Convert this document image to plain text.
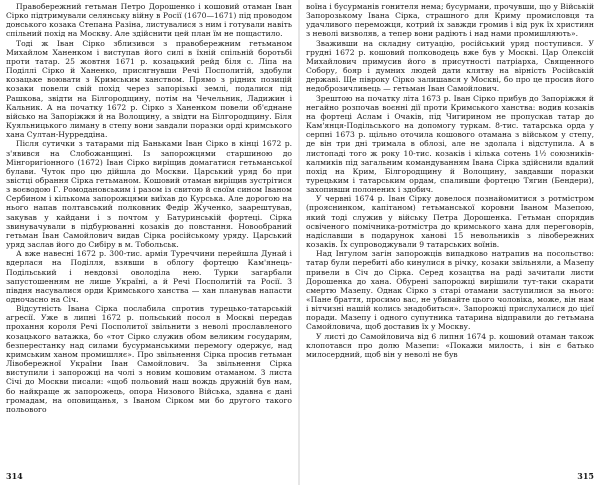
Правобережний гетьман Петро Дорошенко і кошовий отаман Іван Сірко підтримували селянську війну в Росії (1670—1671) під проводом донського козака Степана Разіна, листувалися з ним і готували навіть спільний похід на Москву. Але здійснити цей план їм не пощастило.

Тоді ж Іван Сірко зблизився з правобережним гетьманом Михайлом Ханенком і виступав його силі в їхній спільній боротьбі проти татар. 25 жовтня 1671 р. козацький рейд біля с. Ліпа на Поділлі Сірко й Ханенко, присягнувши Речі Посполитій, здобули козацьке воювати з Кримським ханством. Прямо з рідних позицій козаки повели свій похід через запорізькі землі, подалися під Рашкова, звідти на Білгородщину, потім на Чечельник, Ладижин і Кальник. А на початку 1672 р. Сірко з Ханенком повели об'єднане військо на Запоріжжя й на Волощину, а звідти на Білгородщину. Біля Куяльницького лиману в степу вони завдали поразки орді кримського хана Султан-Нурреддіна.

Після сутички з татарами під Баньками Іван Сірко в кінці 1672 р. з'явився на Слобожанщині. Із запорожцями старшиною до Мінгоригіонного (1672) Іван Сірко виріщив домагатися гетьманської булави. Чуток про цю дійшла до Москви. Царський уряд бо при звістці обрання Сірка гетьманом. Кошовий отаман виріщив зустрітися з воєводою Г. Ромодановським і разом із свитою й своїм сином Іваном Сербином і кількома запорожцями виїхав до Курська. Але дорогою на нього напав полтавський полковник Федір Жученко, заарештував, закував у кайдани і з почтом у Батуринській фортеці. Сірка звинувачували в підбурюванні козаків до повстання. Новообраний гетьман Іван Самойлович видав Сірка російському уряду. Царський уряд заслав його до Сибіру в м. Тобольськ.

А вже навесні 1672 р. 300-тис. армія Туреччини перейшла Дунай і вдерлася на Поділля, взявши в облогу фортецю Кам'янець-Подільський і невдовзі оволоділа нею. Турки загарбали запустошенням не лише Україні, а й Речі Посполитій та Росії. З півдня насувалися орди Кримського ханства — хан планував напасти одночасно на Січ.

Відсутність Івана Сірка послабила спротив турецько-татарській агресії. Уже в липні 1672 р. польський посол в Москві передав прохання короля Речі Посполитої звільнити з неволі прославленого козацького ватажка, бо «тот Сірко служив обом великим государям, безперестанку над силами бусурманськими перемогу одержує, над кримським ханом промишляє». Про звільнення Сірка просив гетьман Лівобережної України Іван Самойлович. За звільнення Сірка виступили і запорожці на чолі з новим кошовим отаманом. З листа Січі до Москви писали: «щоб польовий наш вождь дружній був нам, бо найкраще ж запорожець, опора Низового Війська, здавна є дані громадам, на оповищанья, з Іваном Сірком ми бо другого такого польового

314

воїна і бусурманів гонителя нема; бусурмани, прочувши, що у Війській Запорозькому Івана Сірка, страшного для Криму промисловця та удачливого переможця, котрий іх завжди громив і від рук їх християн з неволі визволяв, а тепер вони радіють і над нами промишляють».

Зваживши на складну ситуацію, російський уряд поступився. У грудні 1672 р. кошовий полководець вже був у Москві. Цар Олексій Михайлович примусив його в присутності патріарха, Священного Собору, бояр і думних людей дати клятву на вірність Російській державі. Ще півроку Сірко залишався у Москві, бо про це просив його недоброзичливець — гетьман Іван Самойлович.

Зрештою на початку літа 1673 р. Іван Сірко прибув до Запоріжжя й негайно розпочав воєнні дії проти Кримського ханства: водив козаків на фортеці Аслам і Очаків, під Чигирином не пропускав татар до Кам'янця-Подільського на допомогу туркам. 8-тис. татарська орда у серпні 1673 р. щільно оточила кошового отамана з військом у степу, де він три дні тримала в облозі, але не здолала і відступила. А в листопаді того ж року 10-тис. козаків і кілька сотень 1½ союзників-калмиків під загальним командуванням Івана Сірка здійснили вдалий похід на Крим, Білгородщину й Волощину, завдавши поразки турецьким і татарським ордам, спаливши фортецю Тягин (Бендери), захопивши полонених і здобич.

У червні 1674 р. Іван Сірку довелося познайомитися з ротмістром (прояснинком, капітаном) гетьманської коровни Іваном Мазепою, який тоді служив у війську Петра Дорошенка. Гетьман спорядив освіченого помічника-ротмістра до кримського хана для переговорів, надіславши в подарунок ханові 15 невольників з лівобережних козаків. Їх супроводжували 9 татарських воїнів.

Над Інгулом загін запорожців випадково натрапив на посольство: татар були перебиті або кинулися в річку, козаки звільняли, а Мазепу привели в Січ до Сірка. Серед козацтва на раді зачитали листи Дорошенка до хана. Обурені запорожці вирішили тут-таки скарати смертю Мазепу. Однак Сірко з старі отамани заступилися за нього: «Пане браття, просимо вас, не убивайте цього чоловіка, може, він нам і вітчизні нашій колись знадобиться». Запорожці прислухалися до цієї поради. Мазепу і одного супутника татарина відправили до гетьмана Самойловича, щоб доставив їх у Москву.

У листі до Самойловича від 6 липня 1674 р. кошовий отаман також клопотався про долю Мазепи: «Покажи милость, і він є батько милосердний, щоб він у неволі не був

315
